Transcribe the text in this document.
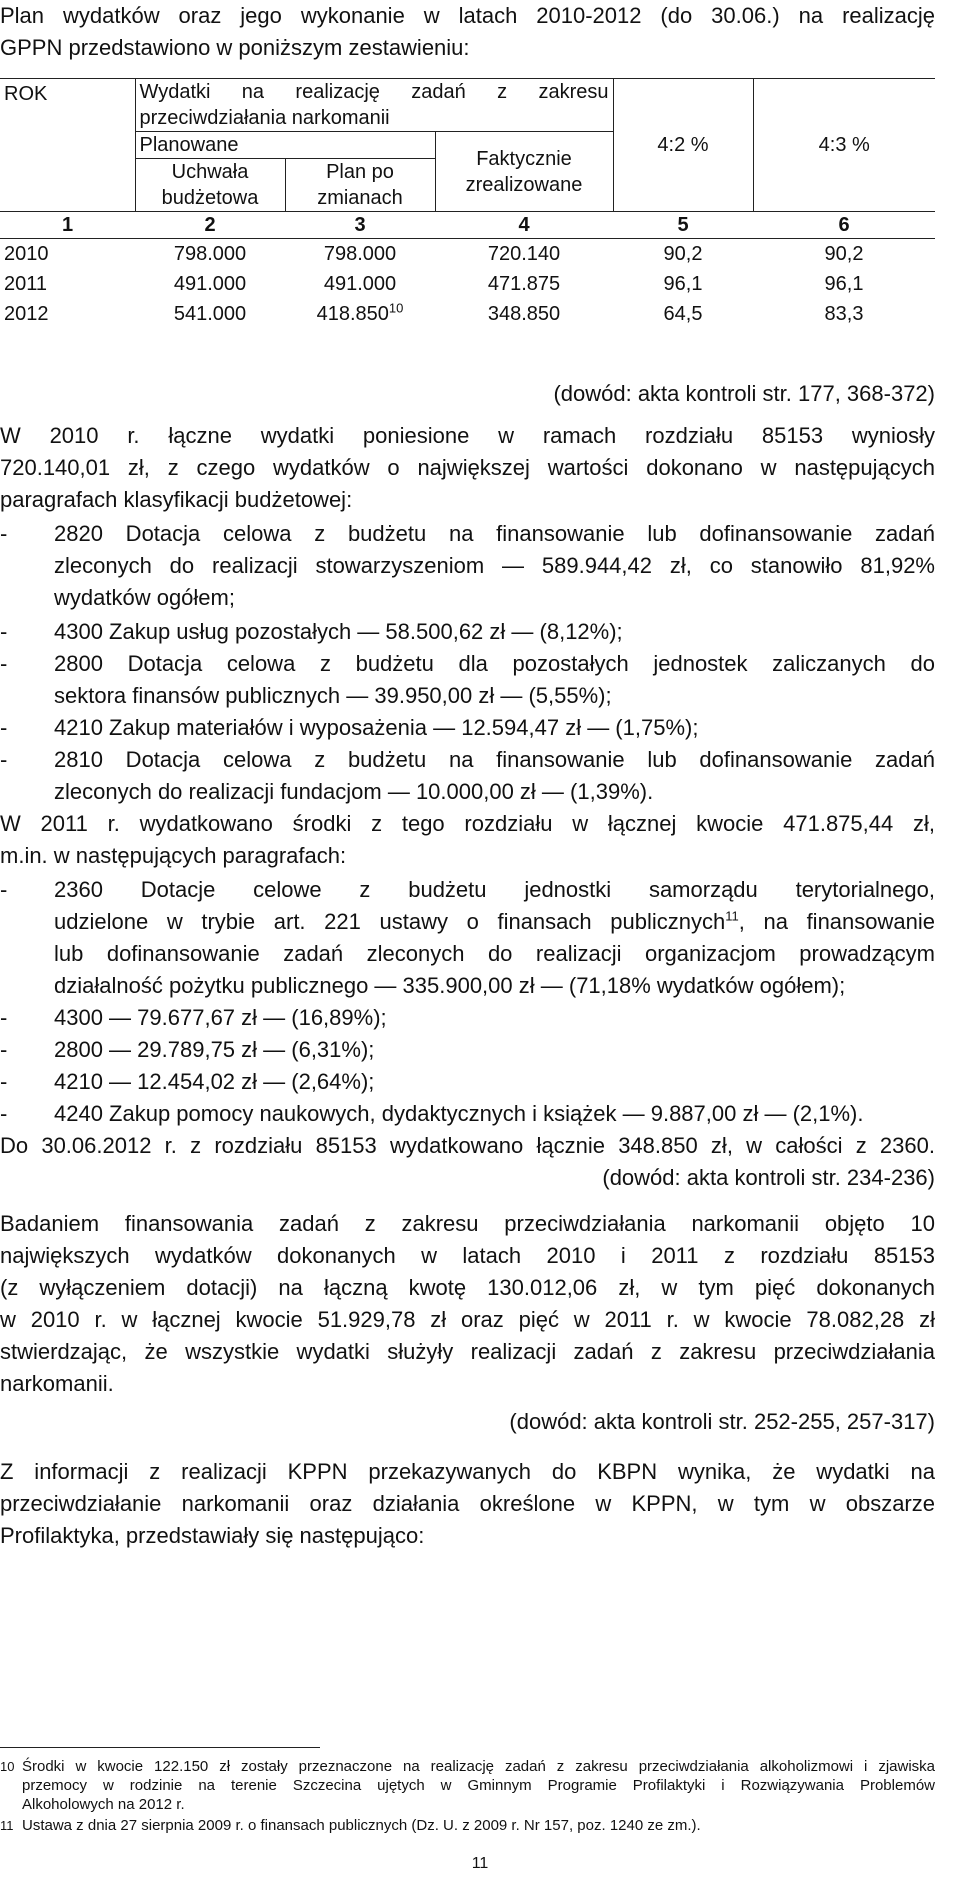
Plan wydatków oraz jego wykonanie w latach 2010-2012 (do 30.06.) na realizację

GPPN przedstawiono w poniższym zestawieniu:

ROK	Wydatki na realizację zadań z zakresu przeciwdziałania narkomanii			4:2 %	4:3 %
	Planowane		Faktycznie zrealizowane		
	Uchwała budżetowa	Plan po zmianach			
1	2	3	4	5	6
2010	798.000	798.000	720.140	90,2	90,2
2011	491.000	491.000	471.875	96,1	96,1
2012	541.000	418.850$^{10}$	348.850	64,5	83,3

(dowód: akta kontroli str. 177, 368-372)

W 2010 r. łączne wydatki poniesione w ramach rozdziału 85153 wyniosły

720.140,01 zł, z czego wydatków o największej wartości dokonano w następujących

paragrafach klasyfikacji budżetowej:

- 2820 Dotacja celowa z budżetu na finansowanie lub dofinansowanie zadań
zleconych do realizacji stowarzyszeniom — 589.944,42 zł, co stanowiło 81,92%
wydatków ogółem;
- 4300 Zakup usług pozostałych — 58.500,62 zł — (8,12%);
- 2800 Dotacja celowa z budżetu dla pozostałych jednostek zaliczanych do
sektora finansów publicznych — 39.950,00 zł — (5,55%);
- 4210 Zakup materiałów i wyposażenia — 12.594,47 zł — (1,75%);
- 2810 Dotacja celowa z budżetu na finansowanie lub dofinansowanie zadań
zleconych do realizacji fundacjom — 10.000,00 zł — (1,39%).

W 2011 r. wydatkowano środki z tego rozdziału w łącznej kwocie 471.875,44 zł,

m.in. w następujących paragrafach:

- 2360 Dotacje celowe z budżetu jednostki samorządu terytorialnego,
udzielone w trybie art. 221 ustawy o finansach publicznych$^{11}$, na finansowanie
lub dofinansowanie zadań zleconych do realizacji organizacjom prowadzącym
działalność pożytku publicznego — 335.900,00 zł — (71,18% wydatków ogółem);
- 4300 — 79.677,67 zł — (16,89%);
- 2800 — 29.789,75 zł — (6,31%);
- 4210 — 12.454,02 zł — (2,64%);
- 4240 Zakup pomocy naukowych, dydaktycznych i książek — 9.887,00 zł — (2,1%).

Do 30.06.2012 r. z rozdziału 85153 wydatkowano łącznie 348.850 zł, w całości z 2360.

(dowód: akta kontroli str. 234-236)

Badaniem finansowania zadań z zakresu przeciwdziałania narkomanii objęto 10

największych wydatków dokonanych w latach 2010 i 2011 z rozdziału 85153

(z wyłączeniem dotacji) na łączną kwotę 130.012,06 zł, w tym pięć dokonanych

w 2010 r. w łącznej kwocie 51.929,78 zł oraz pięć w 2011 r. w kwocie 78.082,28 zł

stwierdzając, że wszystkie wydatki służyły realizacji zadań z zakresu przeciwdziałania

narkomanii.

(dowód: akta kontroli str. 252-255, 257-317)

Z informacji z realizacji KPPN przekazywanych do KBPN wynika, że wydatki na

przeciwdziałanie narkomanii oraz działania określone w KPPN, w tym w obszarze

Profilaktyka, przedstawiały się następująco:

10 Środki w kwocie 122.150 zł zostały przeznaczone na realizację zadań z zakresu przeciwdziałania alkoholizmowi i zjawiska
przemocy w rodzinie na terenie Szczecina ujętych w Gminnym Programie Profilaktyki i Rozwiązywania Problemów
Alkoholowych na 2012 r.
11 Ustawa z dnia 27 sierpnia 2009 r. o finansach publicznych (Dz. U. z 2009 r. Nr 157, poz. 1240 ze zm.).
11
